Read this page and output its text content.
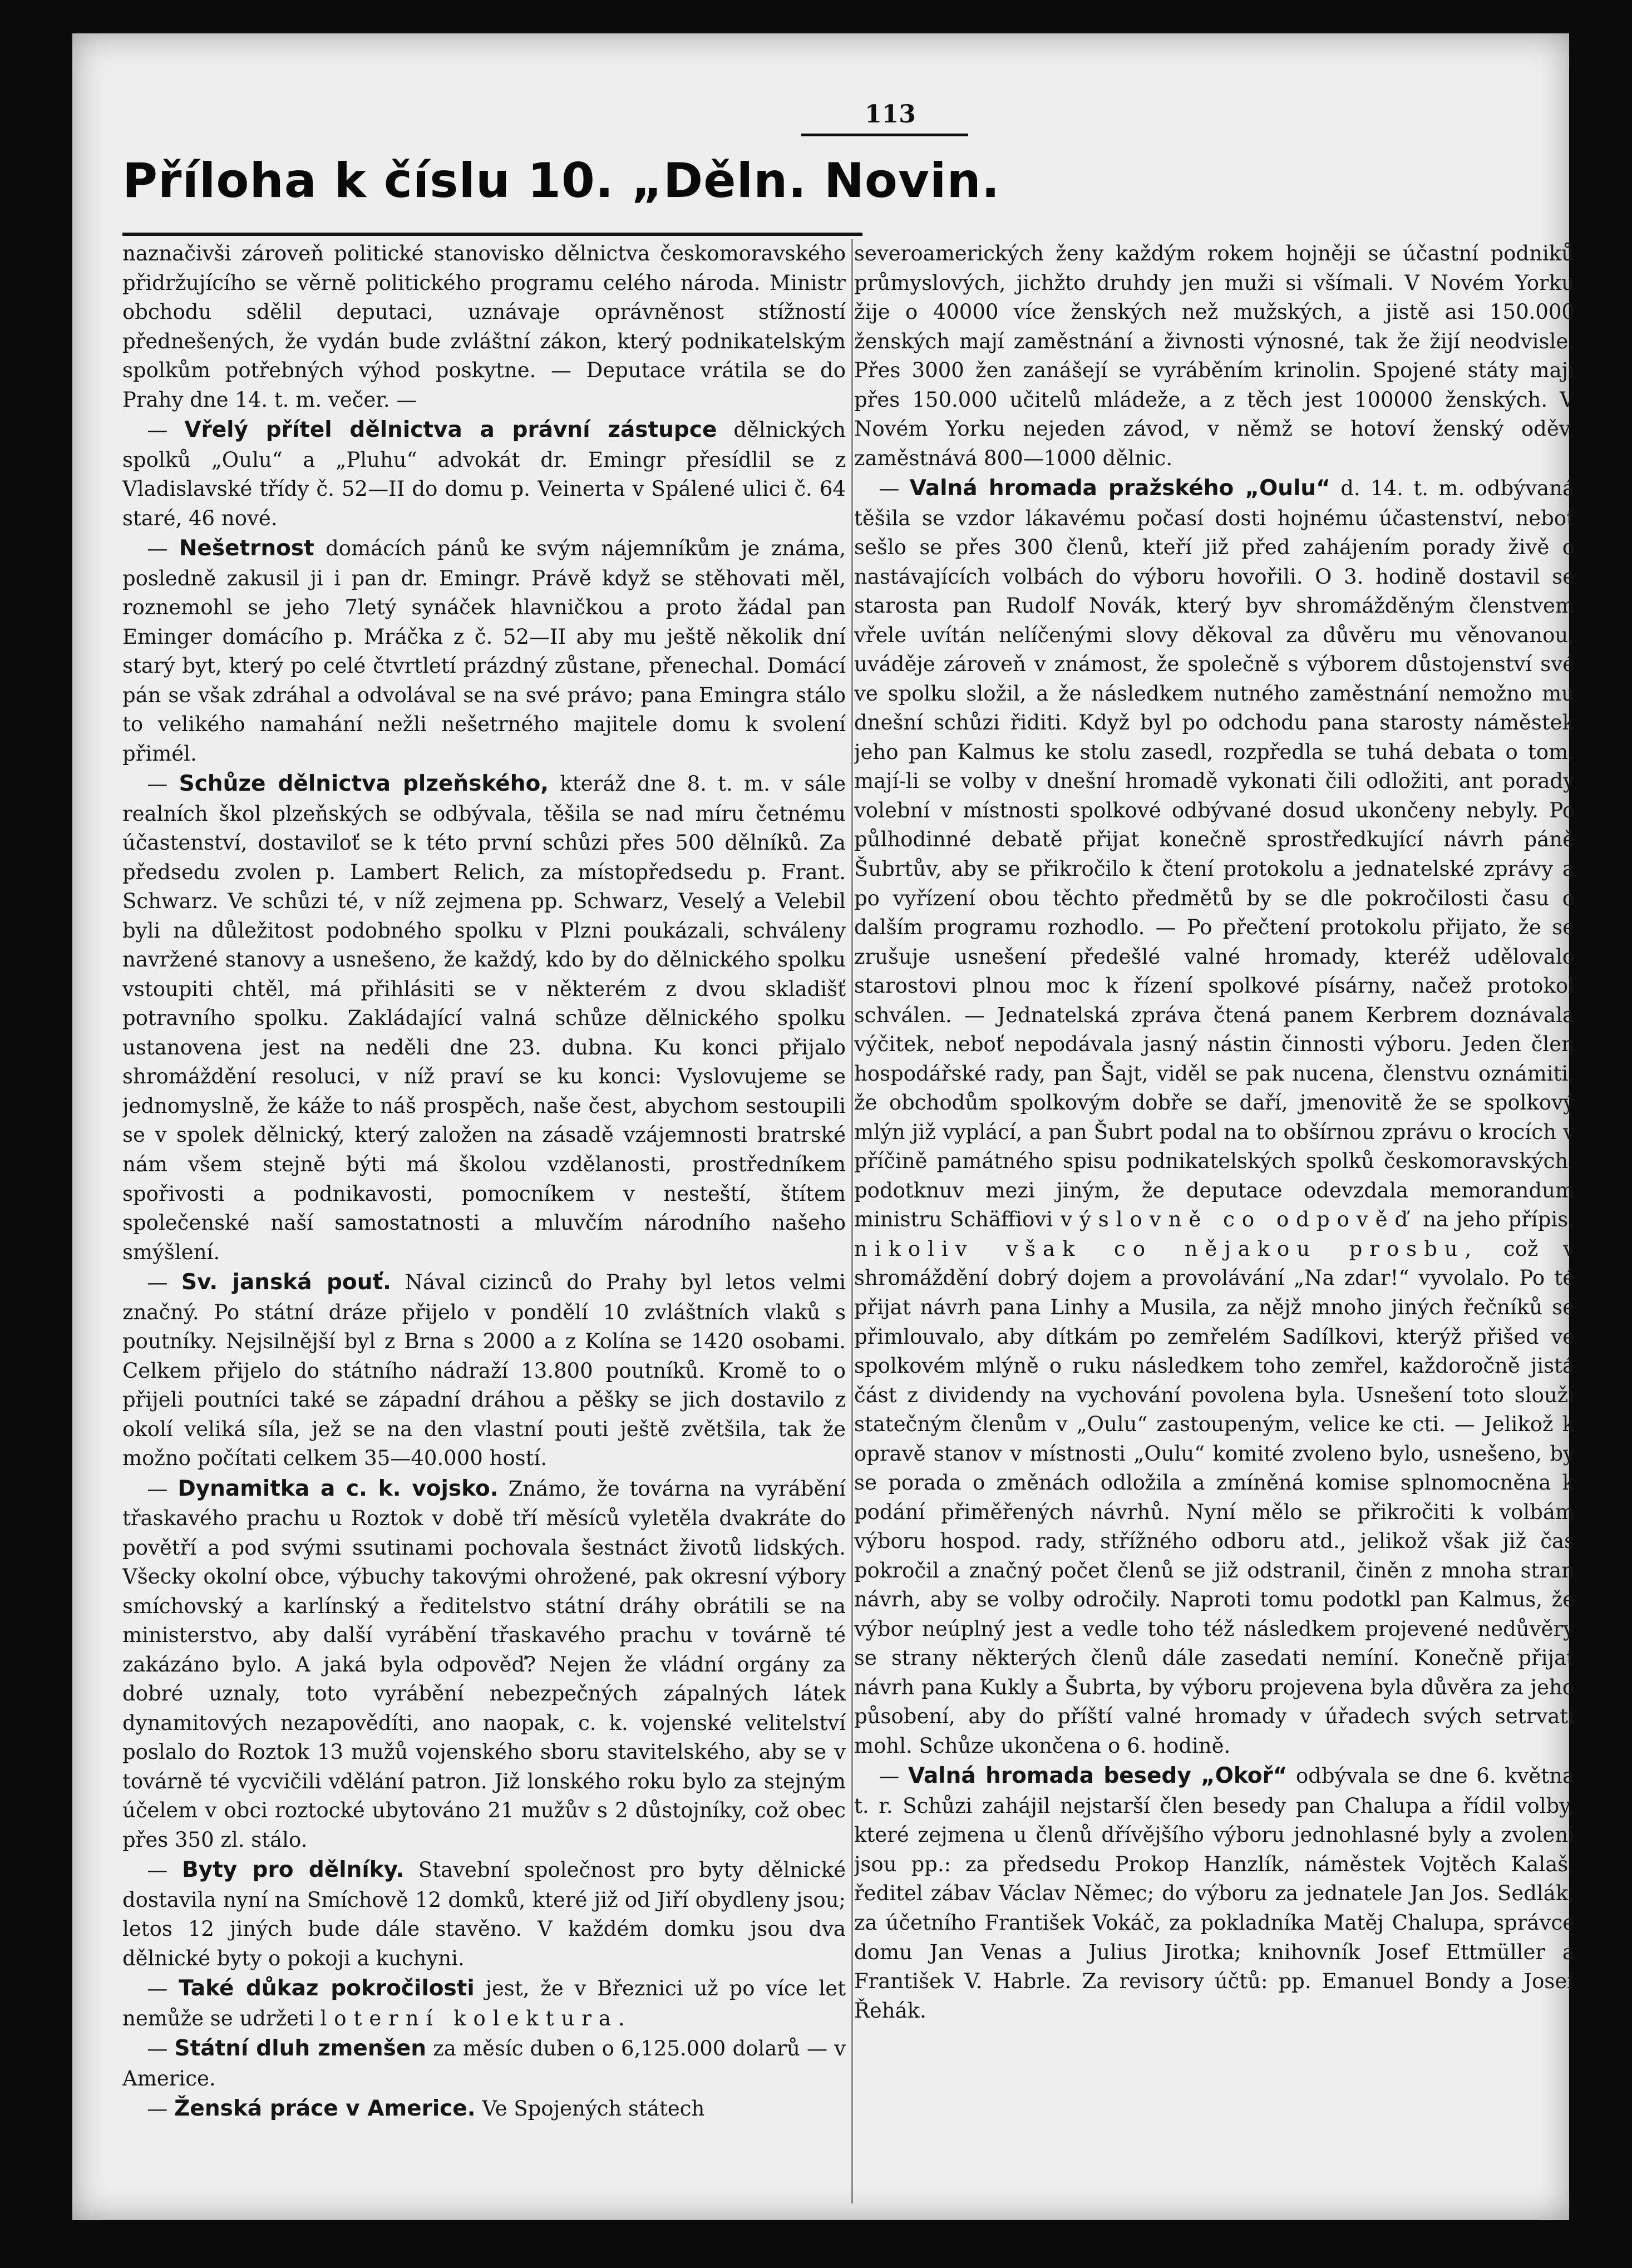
113
Příloha k číslu 10. „Děln. Novin.

naznačivši zároveň politické stanovisko dělnictva českomoravského přidržujícího se věrně politického programu celého národa. Ministr obchodu sdělil deputaci, uznávaje oprávněnost stížností přednešených, že vydán bude zvláštní zákon, který podnikatelským spolkům potřebných výhod poskytne. — Deputace vrátila se do Prahy dne 14. t. m. večer. —

— Vřelý přítel dělnictva a právní zástupce dělnických spolků „Oulu“ a „Pluhu“ advokát dr. Emingr přesídlil se z Vladislavské třídy č. 52—II do domu p. Veinerta v Spálené ulici č. 64 staré, 46 nové.

— Nešetrnost domácích pánů ke svým nájemníkům je známa, posledně zakusil ji i pan dr. Emingr. Právě když se stěhovati měl, roznemohl se jeho 7letý synáček hlavničkou a proto žádal pan Eminger domácího p. Mráčka z č. 52—II aby mu ještě několik dní starý byt, který po celé čtvrtletí prázdný zůstane, přenechal. Domácí pán se však zdráhal a odvolával se na své právo; pana Emingra stálo to velikého namahání nežli nešetrného majitele domu k svolení přimél.

— Schůze dělnictva plzeňského, kteráž dne 8. t. m. v sále realních škol plzeňských se odbývala, těšila se nad míru četnému účastenství, dostaviloť se k této první schůzi přes 500 dělníků. Za předsedu zvolen p. Lambert Relich, za místopředsedu p. Frant. Schwarz. Ve schůzi té, v níž zejmena pp. Schwarz, Veselý a Velebil byli na důležitost podobného spolku v Plzni poukázali, schváleny navržené stanovy a usnešeno, že každý, kdo by do dělnického spolku vstoupiti chtěl, má přihlásiti se v některém z dvou skladišť potravního spolku. Zakládající valná schůze dělnického spolku ustanovena jest na neděli dne 23. dubna. Ku konci přijalo shromáždění resoluci, v níž praví se ku konci: Vyslovujeme se jednomyslně, že káže to náš prospěch, naše čest, abychom sestoupili se v spolek dělnický, který založen na zásadě vzájemnosti bratrské nám všem stejně býti má školou vzdělanosti, prostředníkem spořivosti a podnikavosti, pomocníkem v nesteští, štítem společenské naší samostatnosti a mluvčím národního našeho smýšlení.

— Sv. janská pouť. Nával cizinců do Prahy byl letos velmi značný. Po státní dráze přijelo v pondělí 10 zvláštních vlaků s poutníky. Nejsilnější byl z Brna s 2000 a z Kolína se 1420 osobami. Celkem přijelo do státního nádraží 13.800 poutníků. Kromě to o přijeli poutníci také se západní dráhou a pěšky se jich dostavilo z okolí veliká síla, jež se na den vlastní pouti ještě zvětšila, tak že možno počítati celkem 35—40.000 hostí.

— Dynamitka a c. k. vojsko. Známo, že továrna na vyrábění třaskavého prachu u Roztok v době tří měsíců vyletěla dvakráte do povětří a pod svými ssutinami pochovala šestnáct životů lidských. Všecky okolní obce, výbuchy takovými ohrožené, pak okresní výbory smíchovský a karlínský a ředitelstvo státní dráhy obrátili se na ministerstvo, aby další vyrábění třaskavého prachu v továrně té zakázáno bylo. A jaká byla odpověď? Nejen že vládní orgány za dobré uznaly, toto vyrábění nebezpečných zápalných látek dynamitových nezapovědíti, ano naopak, c. k. vojenské velitelství poslalo do Roztok 13 mužů vojenského sboru stavitelského, aby se v továrně té vycvičili vdělání patron. Již lonského roku bylo za stejným účelem v obci roztocké ubytováno 21 mužův s 2 důstojníky, což obec přes 350 zl. stálo.

— Byty pro dělníky. Stavební společnost pro byty dělnické dostavila nyní na Smíchově 12 domků, které již od Jiří obydleny jsou; letos 12 jiných bude dále stavěno. V každém domku jsou dva dělnické byty o pokoji a kuchyni.

— Také důkaz pokročilosti jest, že v Březnici už po více let nemůže se udržeti loterní kolektura.

— Státní dluh zmenšen za měsíc duben o 6,125.000 dolarů — v Americe.

— Ženská práce v Americe. Ve Spojených státech

severoamerických ženy každým rokem hojněji se účastní podniků průmyslových, jichžto druhdy jen muži si všímali. V Novém Yorku žije o 40000 více ženských než mužských, a jistě asi 150.000 ženských mají zaměstnání a živnosti výnosné, tak že žijí neodvisle. Přes 3000 žen zanášejí se vyráběním krinolin. Spojené státy mají přes 150.000 učitelů mládeže, a z těch jest 100000 ženských. V Novém Yorku nejeden závod, v němž se hotoví ženský oděv, zaměstnává 800—1000 dělnic.

— Valná hromada pražského „Oulu“ d. 14. t. m. odbývaná těšila se vzdor lákavému počasí dosti hojnému účastenství, neboť sešlo se přes 300 členů, kteří již před zahájením porady živě o nastávajících volbách do výboru hovořili. O 3. hodině dostavil se starosta pan Rudolf Novák, který byv shromážděným členstvem vřele uvítán nelíčenými slovy děkoval za důvěru mu věnovanou, uváděje zároveň v známost, že společně s výborem důstojenství své ve spolku složil, a že následkem nutného zaměstnání nemožno mu dnešní schůzi řiditi. Když byl po odchodu pana starosty náměstek jeho pan Kalmus ke stolu zasedl, rozpředla se tuhá debata o tom, mají-li se volby v dnešní hromadě vykonati čili odložiti, ant porady volební v místnosti spolkové odbývané dosud ukončeny nebyly. Po půlhodinné debatě přijat konečně sprostředkující návrh páně Šubrtův, aby se přikročilo k čtení protokolu a jednatelské zprávy a po vyřízení obou těchto předmětů by se dle pokročilosti času o dalším programu rozhodlo. — Po přečtení protokolu přijato, že se zrušuje usnešení předešlé valné hromady, kteréž udělovalo starostovi plnou moc k řízení spolkové písárny, načež protokol schválen. — Jednatelská zpráva čtená panem Kerbrem doznávala výčitek, neboť nepodávala jasný nástin činnosti výboru. Jeden člen hospodářské rady, pan Šajt, viděl se pak nucena, členstvu oznámiti, že obchodům spolkovým dobře se daří, jmenovitě že se spolkový mlýn již vyplácí, a pan Šubrt podal na to obšírnou zprávu o krocích v příčině památného spisu podnikatelských spolků českomoravských, podotknuv mezi jiným, že deputace odevzdala memorandum ministru Schäffiovi výslovně co odpověď na jeho přípis, nikoliv však co nějakou prosbu, což v shromáždění dobrý dojem a provolávání „Na zdar!“ vyvolalo. Po té přijat návrh pana Linhy a Musila, za nějž mnoho jiných řečníků se přimlouvalo, aby dítkám po zemřelém Sadílkovi, kterýž přišed ve spolkovém mlýně o ruku následkem toho zemřel, každoročně jistá část z dividendy na vychování povolena byla. Usnešení toto slouží statečným členům v „Oulu“ zastoupeným, velice ke cti. — Jelikož k opravě stanov v místnosti „Oulu“ komité zvoleno bylo, usnešeno, by se porada o změnách odložila a zmíněná komise splnomocněna k podání přiměřených návrhů. Nyní mělo se přikročiti k volbám výboru hospod. rady, střížného odboru atd., jelikož však již čas pokročil a značný počet členů se již odstranil, činěn z mnoha stran návrh, aby se volby odročily. Naproti tomu podotkl pan Kalmus, že výbor neúplný jest a vedle toho též následkem projevené nedůvěry se strany některých členů dále zasedati nemíní. Konečně přijat návrh pana Kukly a Šubrta, by výboru projevena byla důvěra za jeho působení, aby do příští valné hromady v úřadech svých setrvati mohl. Schůze ukončena o 6. hodině.

— Valná hromada besedy „Okoř“ odbývala se dne 6. května t. r. Schůzi zahájil nejstarší člen besedy pan Chalupa a řídil volby, které zejmena u členů dřívějšího výboru jednohlasné byly a zvoleni jsou pp.: za předsedu Prokop Hanzlík, náměstek Vojtěch Kalaš, ředitel zábav Václav Němec; do výboru za jednatele Jan Jos. Sedlák, za účetního František Vokáč, za pokladníka Matěj Chalupa, správce domu Jan Venas a Julius Jirotka; knihovník Josef Ettmüller a František V. Habrle. Za revisory účtů: pp. Emanuel Bondy a Josef Řehák.
